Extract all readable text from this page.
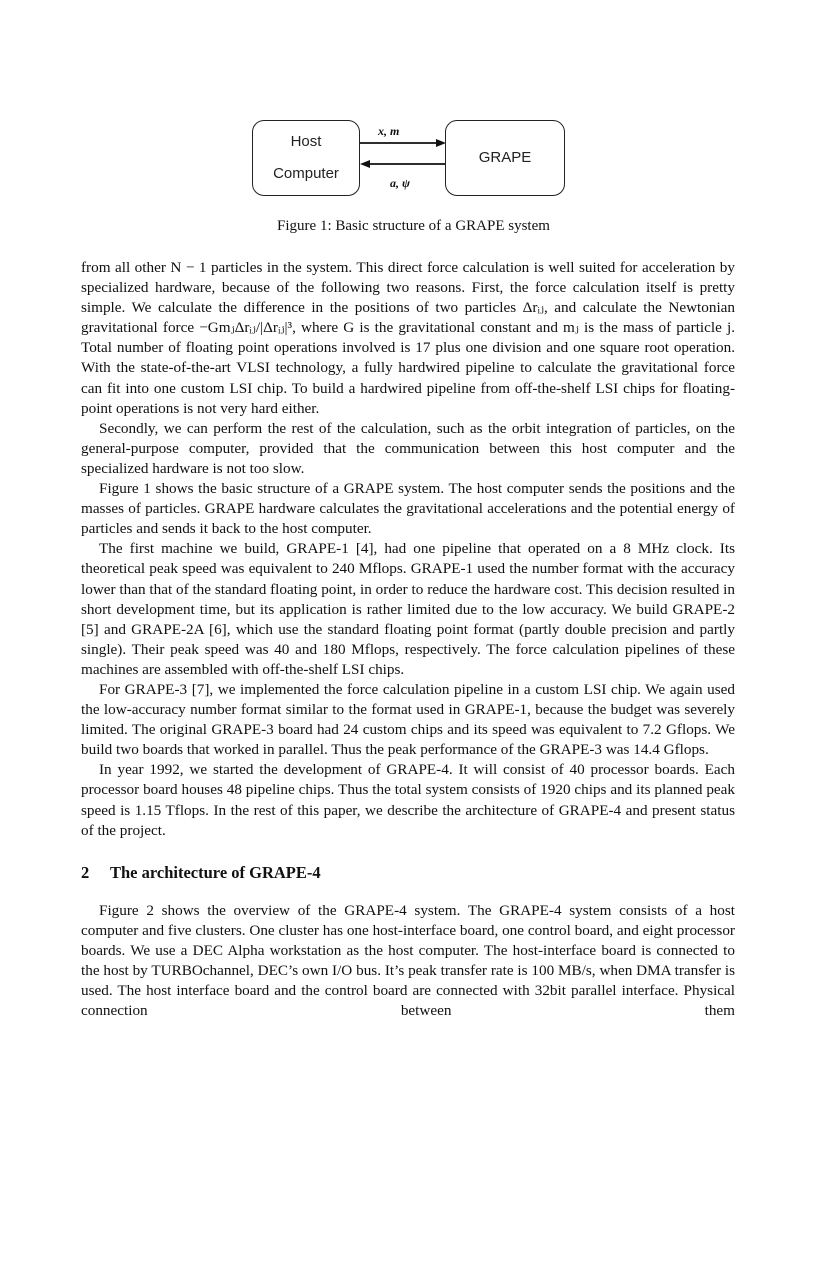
Host
Computer
x, m
a, ψ
GRAPE
Figure 1: Basic structure of a GRAPE system

from all other N − 1 particles in the system. This direct force calculation is well suited for acceleration by specialized hardware, because of the following two reasons. First, the force calculation itself is pretty simple. We calculate the difference in the positions of two particles Δrᵢⱼ, and calculate the Newtonian gravitational force −GmⱼΔrᵢⱼ/|Δrᵢⱼ|³, where G is the gravitational constant and mⱼ is the mass of particle j. Total number of floating point operations involved is 17 plus one division and one square root operation. With the state-of-the-art VLSI technology, a fully hardwired pipeline to calculate the gravitational force can fit into one custom LSI chip. To build a hardwired pipeline from off-the-shelf LSI chips for floating-point operations is not very hard either.

Secondly, we can perform the rest of the calculation, such as the orbit integration of particles, on the general-purpose computer, provided that the communication between this host computer and the specialized hardware is not too slow.

Figure 1 shows the basic structure of a GRAPE system. The host computer sends the positions and the masses of particles. GRAPE hardware calculates the gravitational accelerations and the potential energy of particles and sends it back to the host computer.

The first machine we build, GRAPE-1 [4], had one pipeline that operated on a 8 MHz clock. Its theoretical peak speed was equivalent to 240 Mflops. GRAPE-1 used the number format with the accuracy lower than that of the standard floating point, in order to reduce the hardware cost. This decision resulted in short development time, but its application is rather limited due to the low accuracy. We build GRAPE-2 [5] and GRAPE-2A [6], which use the standard floating point format (partly double precision and partly single). Their peak speed was 40 and 180 Mflops, respectively. The force calculation pipelines of these machines are assembled with off-the-shelf LSI chips.

For GRAPE-3 [7], we implemented the force calculation pipeline in a custom LSI chip. We again used the low-accuracy number format similar to the format used in GRAPE-1, because the budget was severely limited. The original GRAPE-3 board had 24 custom chips and its speed was equivalent to 7.2 Gflops. We build two boards that worked in parallel. Thus the peak performance of the GRAPE-3 was 14.4 Gflops.

In year 1992, we started the development of GRAPE-4. It will consist of 40 processor boards. Each processor board houses 48 pipeline chips. Thus the total system consists of 1920 chips and its planned peak speed is 1.15 Tflops. In the rest of this paper, we describe the architecture of GRAPE-4 and present status of the project.

2 The architecture of GRAPE-4

Figure 2 shows the overview of the GRAPE-4 system. The GRAPE-4 system consists of a host computer and five clusters. One cluster has one host-interface board, one control board, and eight processor boards. We use a DEC Alpha workstation as the host computer. The host-interface board is connected to the host by TURBOchannel, DEC’s own I/O bus. It’s peak transfer rate is 100 MB/s, when DMA transfer is used. The host interface board and the control board are connected with 32bit parallel interface. Physical connection between them
